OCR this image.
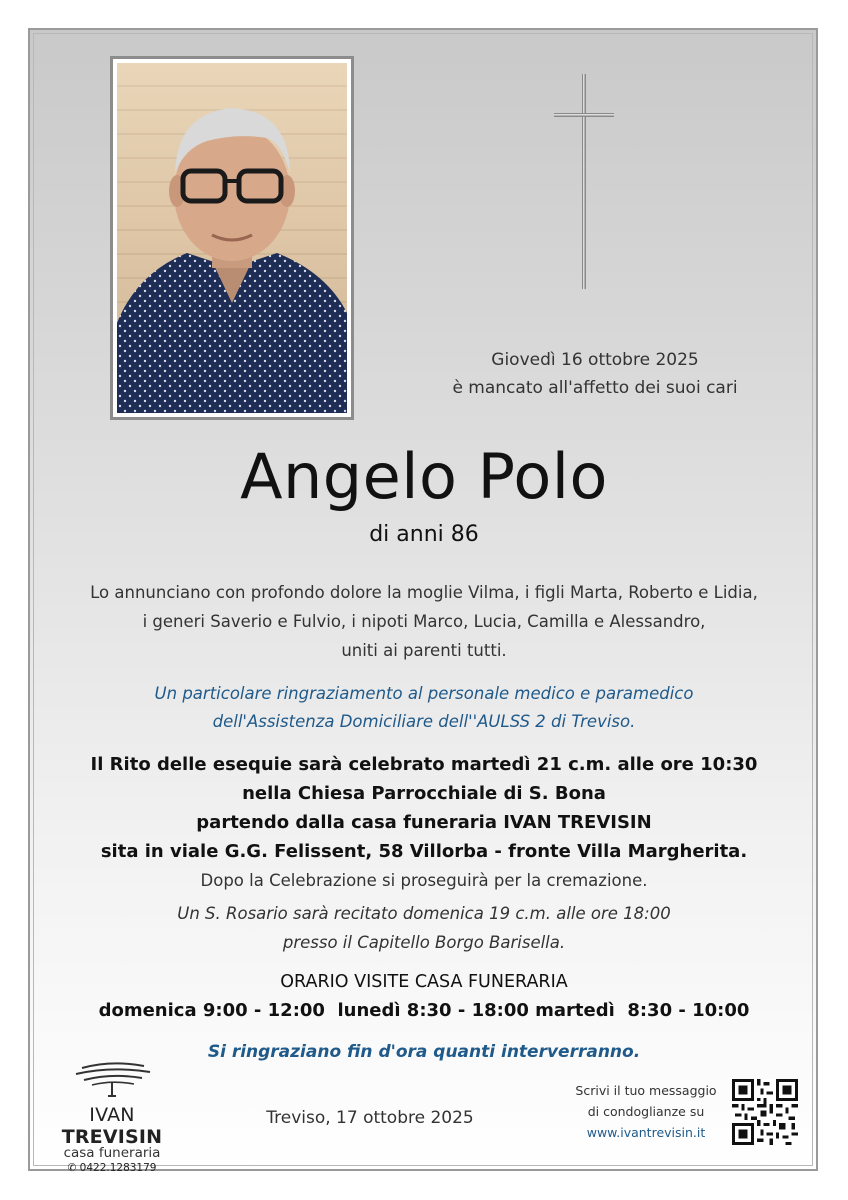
Giovedì 16 ottobre 2025
è mancato all'affetto dei suoi cari
Angelo Polo
di anni 86
Lo annunciano con profondo dolore la moglie Vilma, i figli Marta, Roberto e Lidia,
i generi Saverio e Fulvio, i nipoti Marco, Lucia, Camilla e Alessandro,
uniti ai parenti tutti.
Un particolare ringraziamento al personale medico e paramedico
dell'Assistenza Domiciliare dell''AULSS 2 di Treviso.
Il Rito delle esequie sarà celebrato martedì 21 c.m. alle ore 10:30
nella Chiesa Parrocchiale di S. Bona
partendo dalla casa funeraria IVAN TREVISIN
sita in viale G.G. Felissent, 58 Villorba - fronte Villa Margherita.
Dopo la Celebrazione si proseguirà per la cremazione.
Un S. Rosario sarà recitato domenica 19 c.m. alle ore 18:00
presso il Capitello Borgo Barisella.
ORARIO VISITE CASA FUNERARIA
domenica 9:00 - 12:00  lunedì 8:30 - 18:00 martedì  8:30 - 10:00
Si ringraziano fin d'ora quanti interverranno.
IVAN TREVISIN
casa funeraria
✆ 0422.1283179
Treviso, 17 ottobre 2025
Scrivi il tuo messaggio
di condoglianze su
www.ivantrevisin.it
